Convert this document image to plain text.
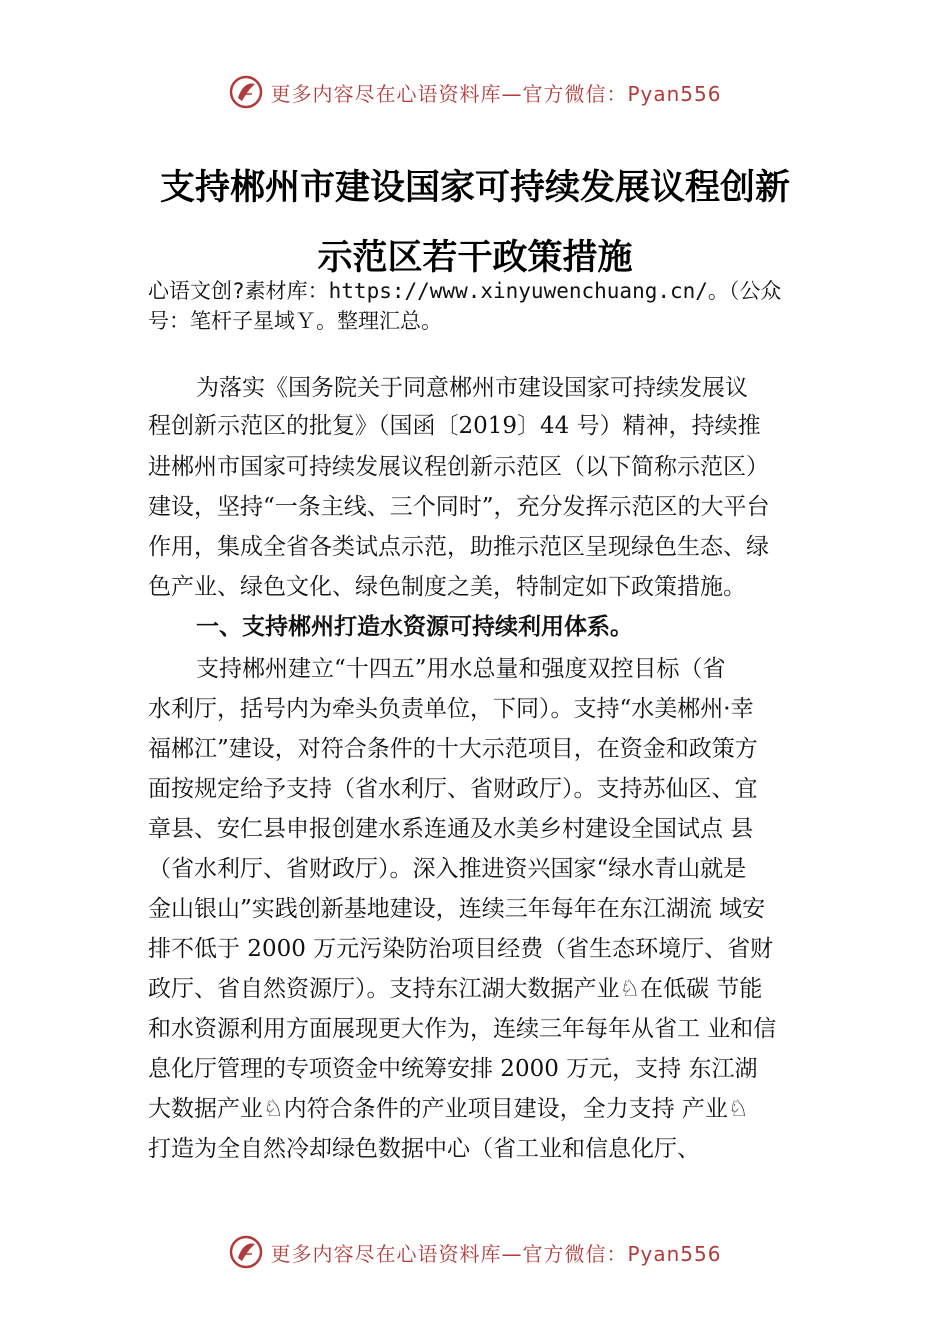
更多内容尽在心语资料库—官方微信：Pyan556
支持郴州市建设国家可持续发展议程创新
示范区若干政策措施
心语文创?素材库：https://www.xinyuwenchuang.cn/。（公众
号：笔杆子星域Ｙ。整理汇总。
为落实《国务院关于同意郴州市建设国家可持续发展议
程创新示范区的批复》（国函〔2019〕44 号）精神，持续推
进郴州市国家可持续发展议程创新示范区（以下简称示范区）
建设，坚持“一条主线、三个同时”，充分发挥示范区的大平台
作用，集成全省各类试点示范，助推示范区呈现绿色生态、绿
色产业、绿色文化、绿色制度之美，特制定如下政策措施。
一、支持郴州打造水资源可持续利用体系。
支持郴州建立“十四五”用水总量和强度双控目标（省
水利厅，括号内为牵头负责单位，下同）。支持“水美郴州·幸
福郴江”建设，对符合条件的十大示范项目，在资金和政策方
面按规定给予支持（省水利厅、省财政厅）。支持苏仙区、宜
章县、安仁县申报创建水系连通及水美乡村建设全国试点 县
（省水利厅、省财政厅）。深入推进资兴国家“绿水青山就是
金山银山”实践创新基地建设，连续三年每年在东江湖流 域安
排不低于 2000 万元污染防治项目经费（省生态环境厅、省财
政厅、省自然资源厅）。支持东江湖大数据产业♘在低碳 节能
和水资源利用方面展现更大作为，连续三年每年从省工 业和信
息化厅管理的专项资金中统筹安排 2000 万元，支持 东江湖
大数据产业♘内符合条件的产业项目建设，全力支持 产业♘
打造为全自然冷却绿色数据中心（省工业和信息化厅、
更多内容尽在心语资料库—官方微信：Pyan556
